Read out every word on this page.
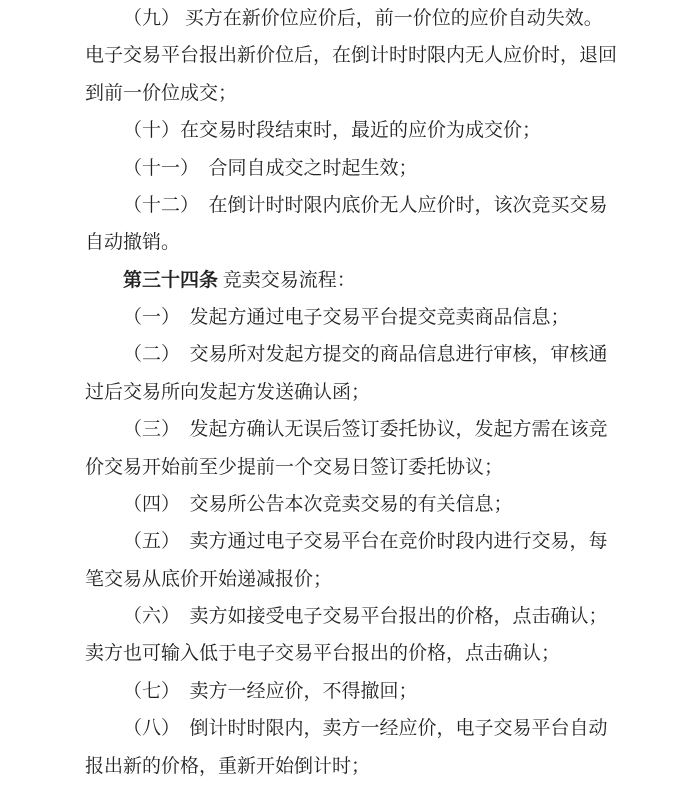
（九） 买方在新价位应价后，前一价位的应价自动失效。电子交易平台报出新价位后，在倒计时时限内无人应价时，退回到前一价位成交；

（十）在交易时段结束时，最近的应价为成交价；

（十一）　合同自成交之时起生效；

（十二）　在倒计时时限内底价无人应价时，该次竞买交易自动撤销。

第三十四条 竞卖交易流程：

（一）　发起方通过电子交易平台提交竞卖商品信息；

（二）　交易所对发起方提交的商品信息进行审核，审核通过后交易所向发起方发送确认函；

（三）　发起方确认无误后签订委托协议，发起方需在该竞价交易开始前至少提前一个交易日签订委托协议；

（四）　交易所公告本次竞卖交易的有关信息；

（五）　卖方通过电子交易平台在竞价时段内进行交易，每笔交易从底价开始递减报价；

（六）　卖方如接受电子交易平台报出的价格，点击确认；卖方也可输入低于电子交易平台报出的价格，点击确认；

（七）　卖方一经应价，不得撤回；

（八）　倒计时时限内，卖方一经应价，电子交易平台自动报出新的价格，重新开始倒计时；
